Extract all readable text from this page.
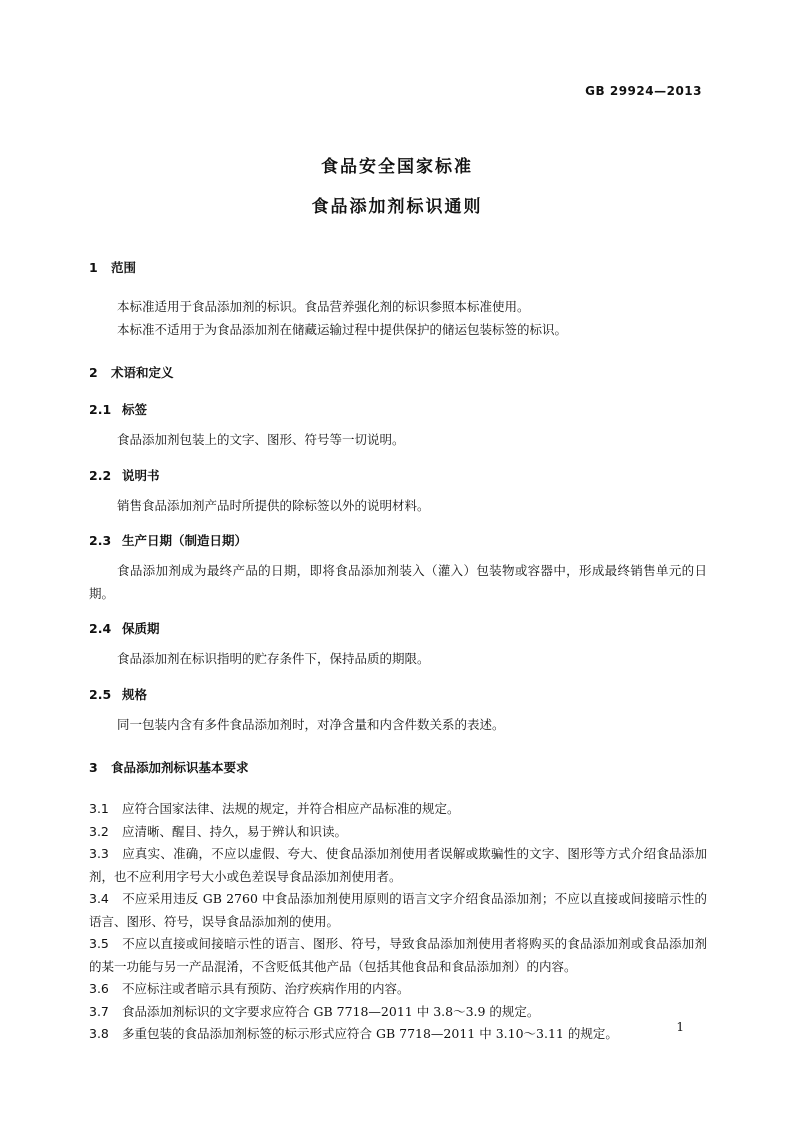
GB 29924—2013
食品安全国家标准
食品添加剂标识通则
1 范围
本标准适用于食品添加剂的标识。食品营养强化剂的标识参照本标准使用。
本标准不适用于为食品添加剂在储藏运输过程中提供保护的储运包装标签的标识。
2 术语和定义
2.1 标签
食品添加剂包装上的文字、图形、符号等一切说明。
2.2 说明书
销售食品添加剂产品时所提供的除标签以外的说明材料。
2.3 生产日期（制造日期）
食品添加剂成为最终产品的日期，即将食品添加剂装入（灌入）包装物或容器中，形成最终销售单元的日期。
2.4 保质期
食品添加剂在标识指明的贮存条件下，保持品质的期限。
2.5 规格
同一包装内含有多件食品添加剂时，对净含量和内含件数关系的表述。
3 食品添加剂标识基本要求
3.1 应符合国家法律、法规的规定，并符合相应产品标准的规定。
3.2 应清晰、醒目、持久，易于辨认和识读。
3.3 应真实、准确，不应以虚假、夸大、使食品添加剂使用者误解或欺骗性的文字、图形等方式介绍食品添加剂，也不应利用字号大小或色差误导食品添加剂使用者。
3.4 不应采用违反 GB 2760 中食品添加剂使用原则的语言文字介绍食品添加剂；不应以直接或间接暗示性的语言、图形、符号，误导食品添加剂的使用。
3.5 不应以直接或间接暗示性的语言、图形、符号，导致食品添加剂使用者将购买的食品添加剂或食品添加剂的某一功能与另一产品混淆，不含贬低其他产品（包括其他食品和食品添加剂）的内容。
3.6 不应标注或者暗示具有预防、治疗疾病作用的内容。
3.7 食品添加剂标识的文字要求应符合 GB 7718—2011 中 3.8～3.9 的规定。
3.8 多重包装的食品添加剂标签的标示形式应符合 GB 7718—2011 中 3.10～3.11 的规定。	1
